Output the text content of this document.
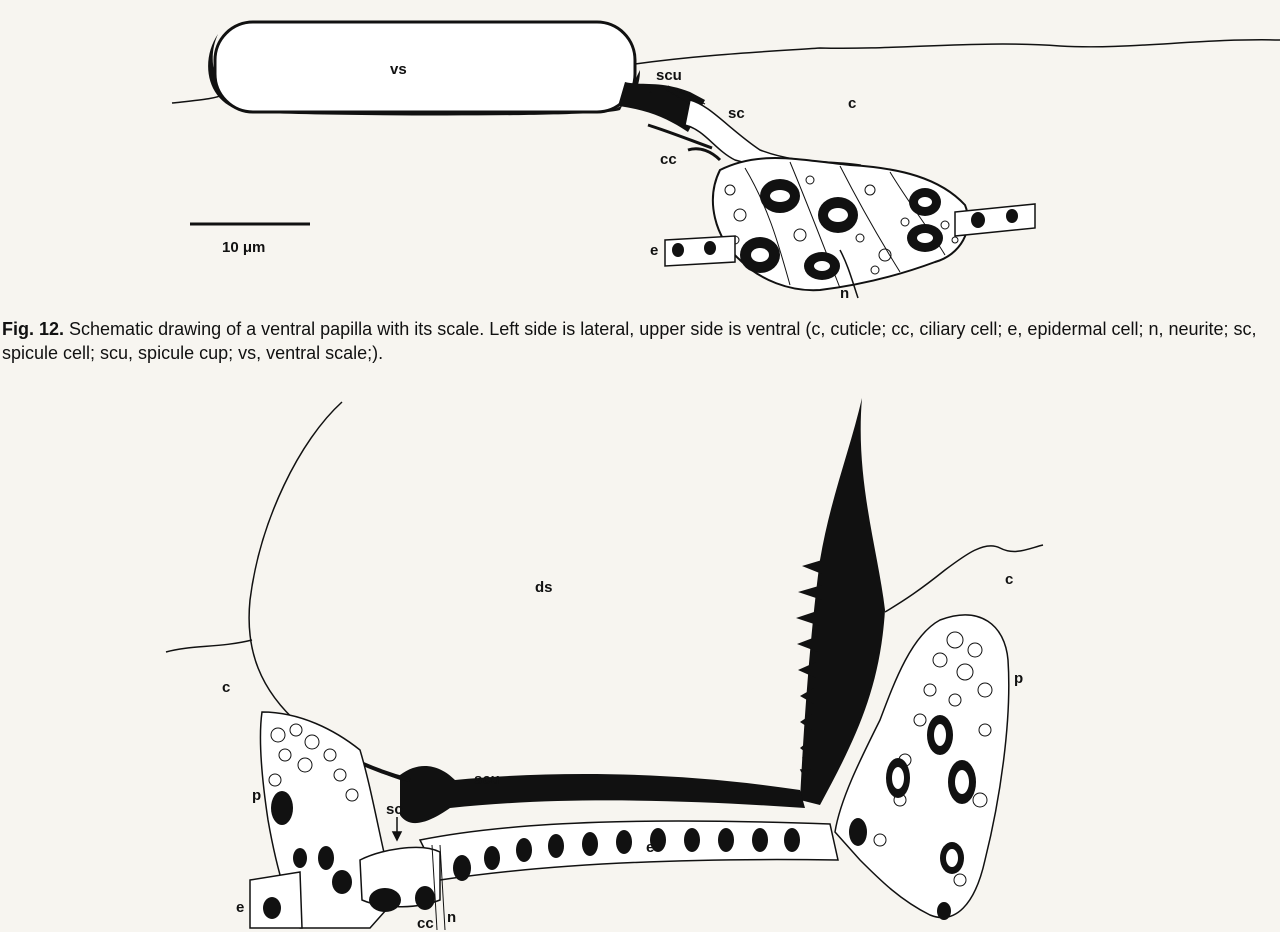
vs	scu
sc
c
cc
e
n
10 μm
Fig. 12. Schematic drawing of a ventral papilla with its scale. Left side is lateral, upper side is ventral (c, cuticle; cc, ciliary cell; e, epidermal cell; n, neurite; sc, spicule cell; scu, spicule cup; vs, ventral scale;).
ds	c
c
p
p
scu
sc
e
e
cc n
